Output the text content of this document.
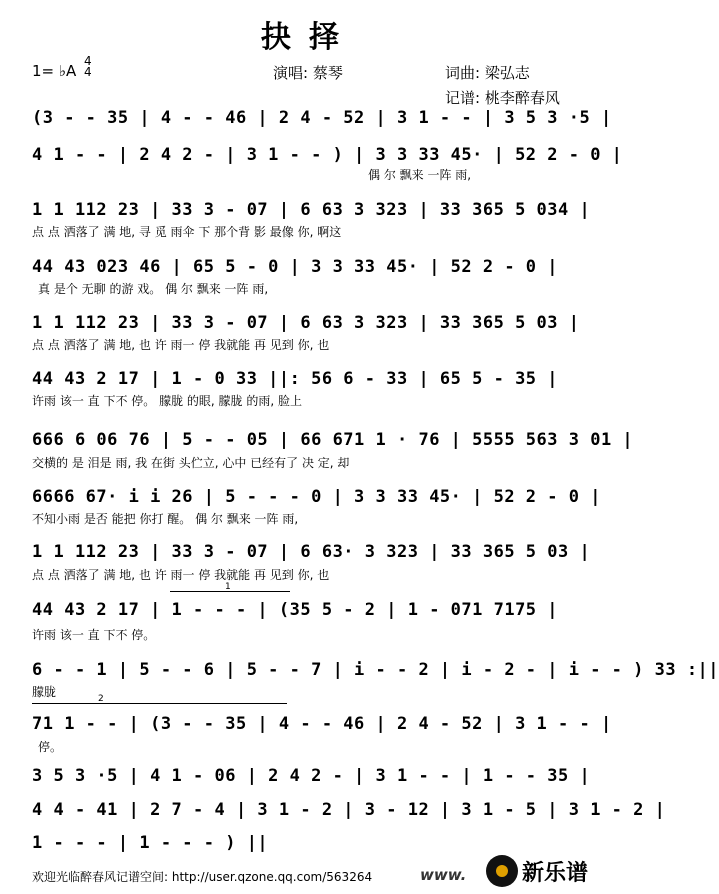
抉择
1= ♭A
4
4	演唱: 蔡琴	词曲: 梁弘志
记谱: 桃李醉春风
(3 - - 35 | 4 - - 46 | 2 4 - 52 | 3 1 - - | 3 5 3 ·5 |
4 1 - - | 2 4 2 - | 3 1 - - ) | 3 3 33 45· | 52 2 - 0 |
偶 尔 飘来 一阵 雨,
1 1 112 23 | 33 3 - 07 | 6 63 3 323 | 33 365 5 034 |
点 点 洒落了 满 地, 寻 觅 雨伞 下 那个背 影 最像 你, 啊这
44 43 023 46 | 65 5 - 0 | 3 3 33 45· | 52 2 - 0 |
真 是个 无聊 的游 戏。 偶 尔 飘来 一阵 雨,
1 1 112 23 | 33 3 - 07 | 6 63 3 323 | 33 365 5 03 |
点 点 洒落了 满 地, 也 许 雨一 停 我就能 再 见到 你, 也
44 43 2 17 | 1 - 0 33 ||: 56 6 - 33 | 65 5 - 35 |
许雨 该一 直 下不 停。 朦胧 的眼, 朦胧 的雨, 脸上
666 6 06 76 | 5 - - 05 | 66 671 1 · 76 | 5555 563 3 01 |
交横的 是 泪是 雨, 我 在街 头伫立, 心中 已经有了 决 定, 却
6666 67· i i 26 | 5 - - - 0 | 3 3 33 45· | 52 2 - 0 |
不知小雨 是否 能把 你打 醒。 偶 尔 飘来 一阵 雨,
1 1 112 23 | 33 3 - 07 | 6 63· 3 323 | 33 365 5 03 |
点 点 洒落了 满 地, 也 许 雨一 停 我就能 再 见到 你, 也
44 43 2 17 | 1 - - - | (35 5 - 2 | 1 - 071 7175 |
许雨 该一 直 下不 停。
1
6 - - 1 | 5 - - 6 | 5 - - 7 | i - - 2 | i - 2 - | i - - ) 33 :||
朦胧	2
71 1 - - | (3 - - 35 | 4 - - 46 | 2 4 - 52 | 3 1 - - |
停。
3 5 3 ·5 | 4 1 - 06 | 2 4 2 - | 3 1 - - | 1 - - 35 |
4 4 - 41 | 2 7 - 4 | 3 1 - 2 | 3 - 12 | 3 1 - 5 | 3 1 - 2 |
1 - - - | 1 - - - ) ||
欢迎光临醉春风记谱空间: http://user.qzone.qq.com/563264	www.	新乐谱
